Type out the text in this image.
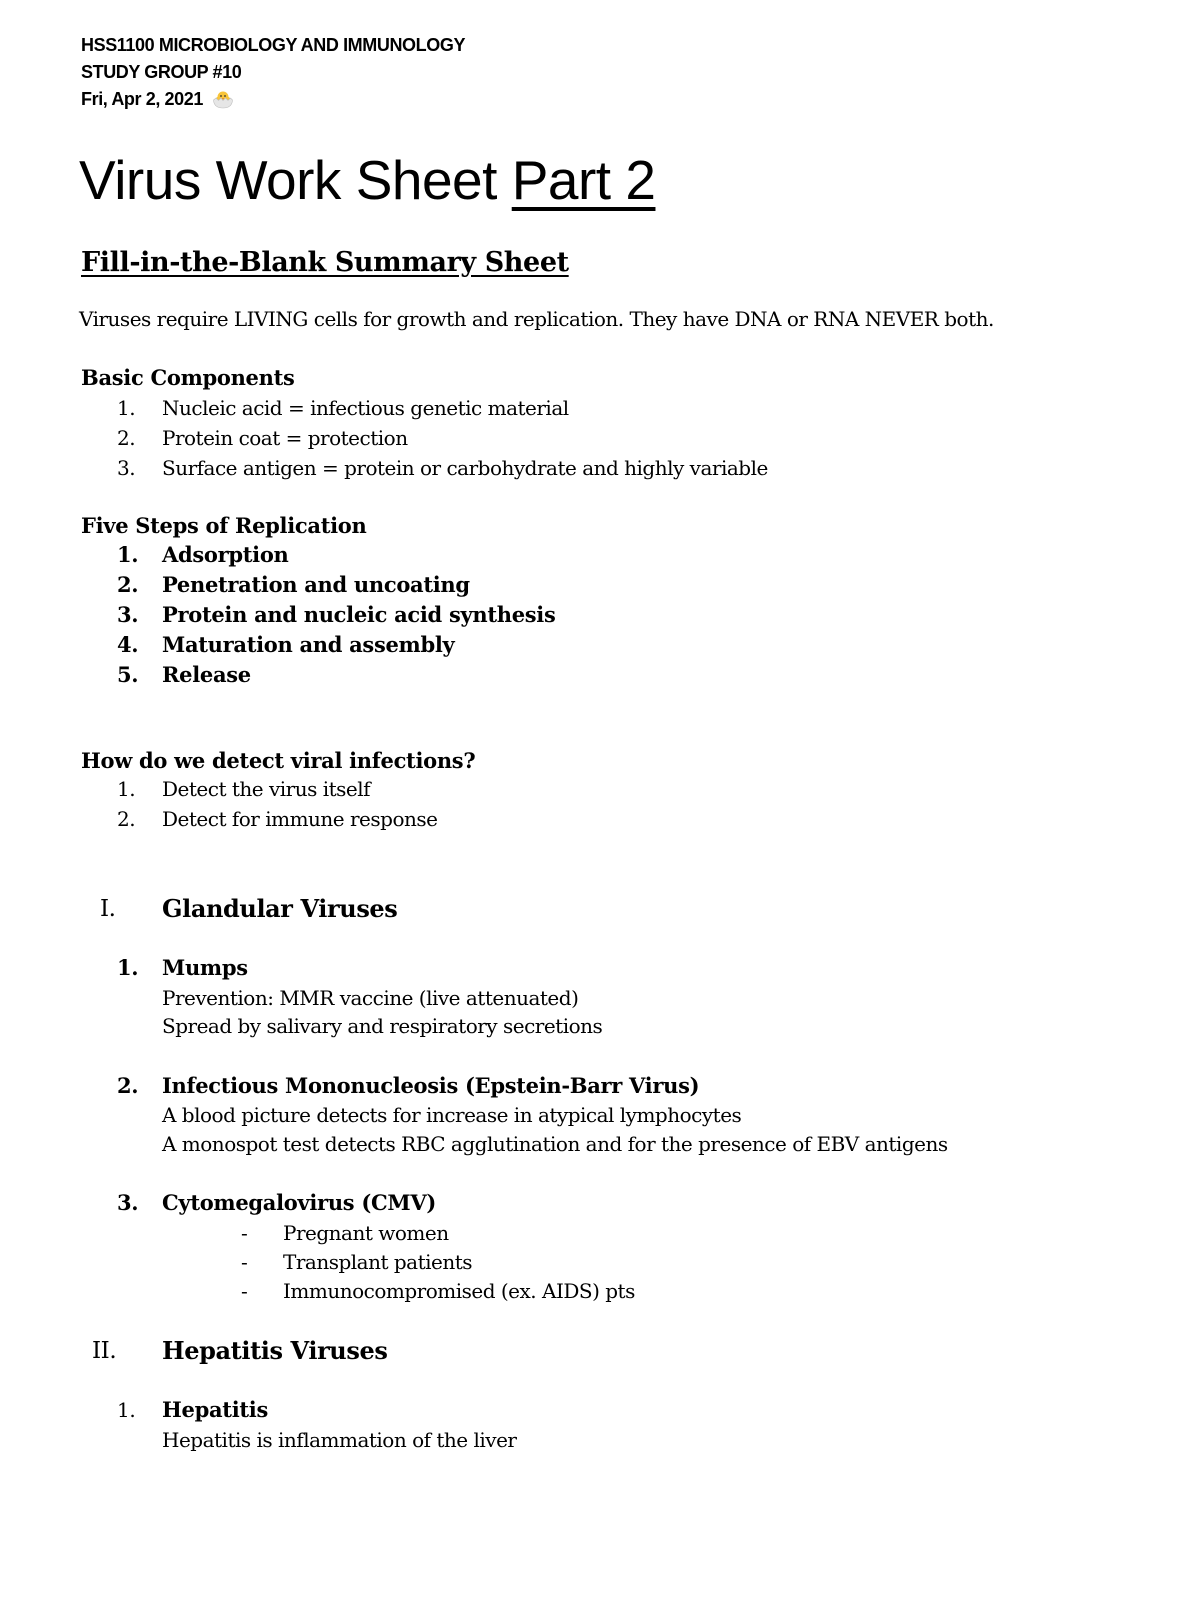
HSS1100 MICROBIOLOGY AND IMMUNOLOGY
STUDY GROUP #10
Fri, Apr 2, 2021
Virus Work Sheet Part 2
Fill-in-the-Blank Summary Sheet
Viruses require LIVING cells for growth and replication. They have DNA or RNA NEVER both.
Basic Components
1.	Nucleic acid = infectious genetic material
2.	Protein coat = protection
3.	Surface antigen = protein or carbohydrate and highly variable
Five Steps of Replication
1.	Adsorption
2.	Penetration and uncoating
3.	Protein and nucleic acid synthesis
4.	Maturation and assembly
5.	Release
How do we detect viral infections?
1.	Detect the virus itself
2.	Detect for immune response
I. Glandular Viruses
1. Mumps
Prevention: MMR vaccine (live attenuated)
Spread by salivary and respiratory secretions
2. Infectious Mononucleosis (Epstein-Barr Virus)
A blood picture detects for increase in atypical lymphocytes
A monospot test detects RBC agglutination and for the presence of EBV antigens
3. Cytomegalovirus (CMV)
- Pregnant women
- Transplant patients
- Immunocompromised (ex. AIDS) pts
II. Hepatitis Viruses
1. Hepatitis
Hepatitis is inflammation of the liver
